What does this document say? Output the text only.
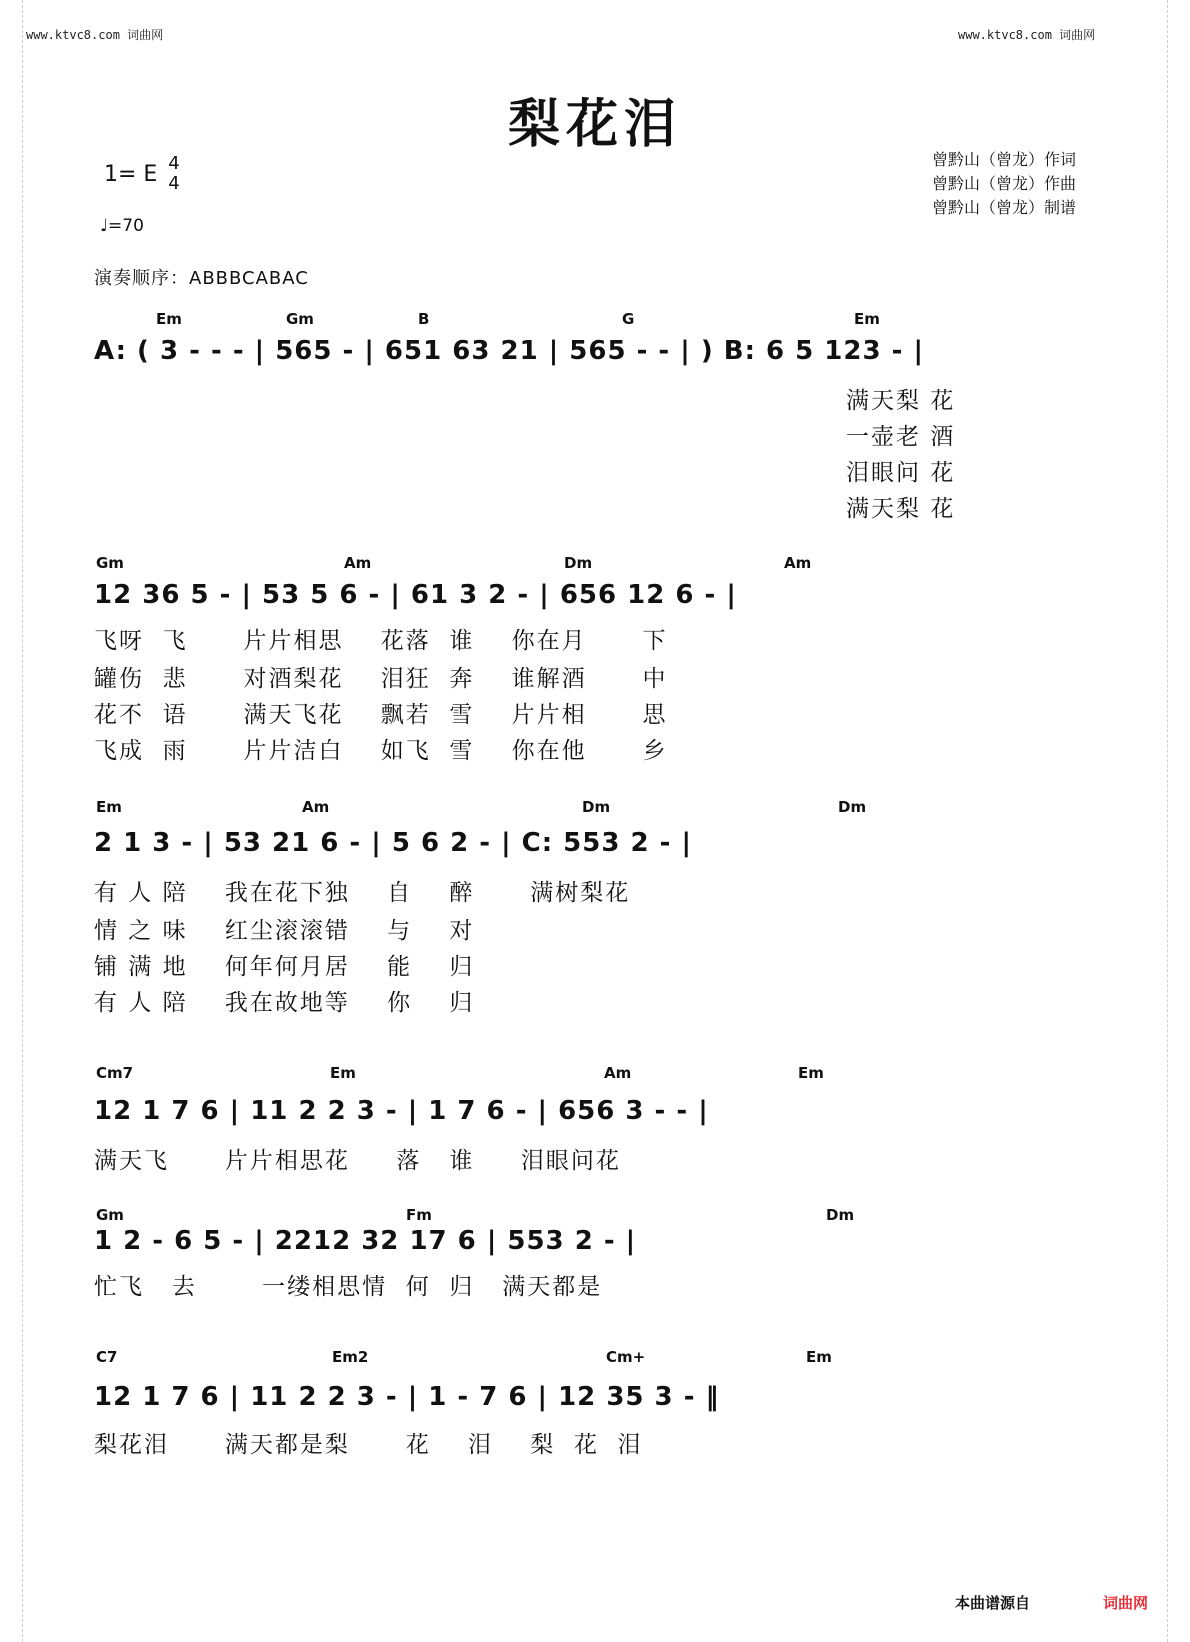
www.ktvc8.com 词曲网	www.ktvc8.com 词曲网
梨花泪
1= E 4
4
♩=70
演奏顺序：ABBBCABAC
曾黔山（曾龙）作词
曾黔山（曾龙）作曲
曾黔山（曾龙）制谱
Em	Gm	B	G	Em
A: ( 3 - - - | 565 - | 651 63 21 | 565 - - | ) B: 6 5 123 - |
满天梨 花
一壶老 酒
泪眼问 花
满天梨 花
Gm	Am	Dm	Am
12 36 5 - | 53 5 6 - | 61 3 2 - | 656 12 6 - |
飞呀  飞      片片相思    花落  谁    你在月      下
罐伤  悲      对酒梨花    泪狂  奔    谁解酒      中
花不  语      满天飞花    飘若  雪    片片相      思
飞成  雨      片片洁白    如飞  雪    你在他      乡
Em	Am	Dm	Dm
2 1 3 - | 53 21 6 - | 5 6 2 - | C: 553 2 - |
有 人 陪    我在花下独    自    醉      满树梨花
情 之 味    红尘滚滚错    与    对
铺 满 地    何年何月居    能    归
有 人 陪    我在故地等    你    归
Cm7	Em	Am	Em
12 1 7 6 | 11 2 2 3 - | 1 7 6 - | 656 3 - - |
满天飞      片片相思花     落   谁     泪眼问花
Gm	Fm	Dm
1 2 - 6 5 - | 2212 32 17 6 | 553 2 - |
忙飞   去       一缕相思情  何  归   满天都是
C7	Em2	Cm+	Em
12 1 7 6 | 11 2 2 3 - | 1 - 7 6 | 12 35 3 - ‖
梨花泪      满天都是梨      花    泪    梨  花  泪
本曲谱源自	词曲网
